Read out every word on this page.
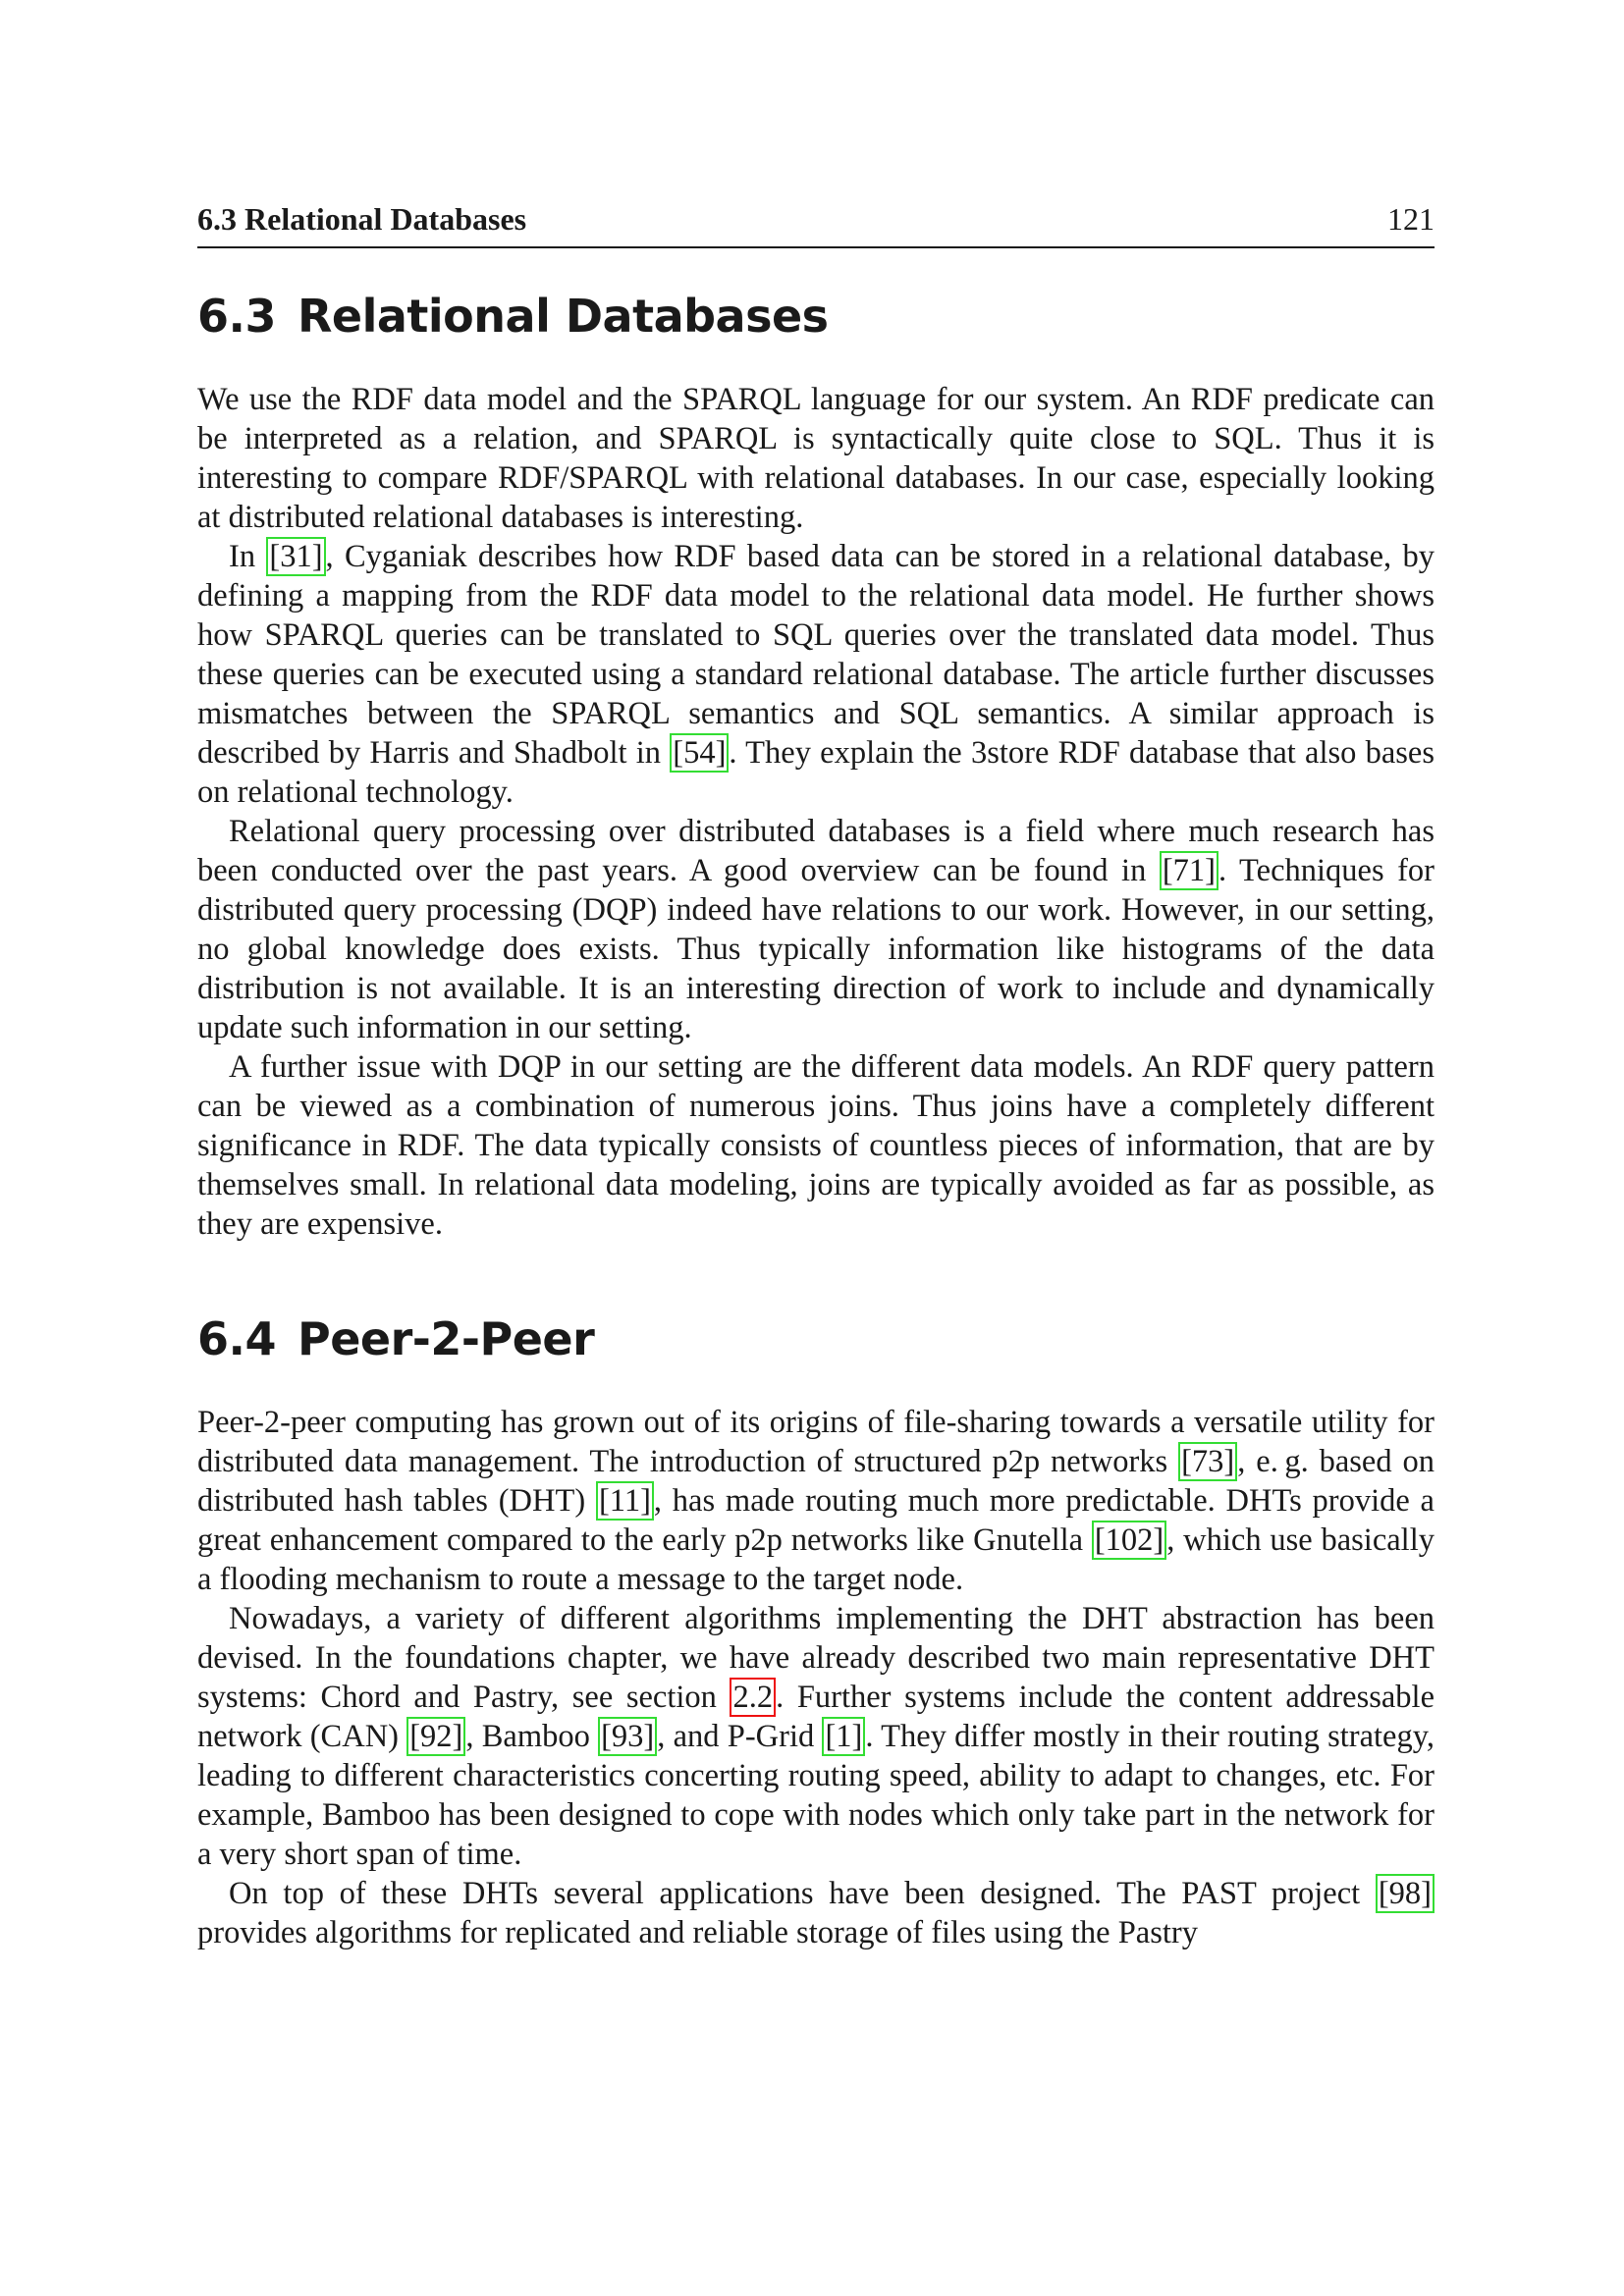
6.3 Relational Databases	121
6.3 Relational Databases

We use the RDF data model and the SPARQL language for our system. An RDF predicate can be interpreted as a relation, and SPARQL is syntactically quite close to SQL. Thus it is interesting to compare RDF/SPARQL with relational databases. In our case, especially looking at distributed relational databases is interesting.

In [31], Cyganiak describes how RDF based data can be stored in a relational database, by defining a mapping from the RDF data model to the relational data model. He further shows how SPARQL queries can be translated to SQL queries over the translated data model. Thus these queries can be executed using a standard relational database. The article further discusses mismatches between the SPARQL semantics and SQL semantics. A similar approach is described by Harris and Shadbolt in [54]. They explain the 3store RDF database that also bases on relational technology.

Relational query processing over distributed databases is a field where much research has been conducted over the past years. A good overview can be found in [71]. Techniques for distributed query processing (DQP) indeed have relations to our work. However, in our setting, no global knowledge does exists. Thus typically information like histograms of the data distribution is not available. It is an interesting direction of work to include and dynamically update such information in our setting.

A further issue with DQP in our setting are the different data models. An RDF query pattern can be viewed as a combination of numerous joins. Thus joins have a completely different significance in RDF. The data typically consists of countless pieces of information, that are by themselves small. In relational data modeling, joins are typically avoided as far as possible, as they are expensive.

6.4 Peer-2-Peer

Peer-2-peer computing has grown out of its origins of file-sharing towards a versatile utility for distributed data management. The introduction of structured p2p networks [73], e. g. based on distributed hash tables (DHT) [11], has made routing much more predictable. DHTs provide a great enhancement compared to the early p2p networks like Gnutella [102], which use basically a flooding mechanism to route a message to the target node.

Nowadays, a variety of different algorithms implementing the DHT abstraction has been devised. In the foundations chapter, we have already described two main representative DHT systems: Chord and Pastry, see section 2.2. Further systems include the content addressable network (CAN) [92], Bamboo [93], and P-Grid [1]. They differ mostly in their routing strategy, leading to different characteristics concerting routing speed, ability to adapt to changes, etc. For example, Bamboo has been designed to cope with nodes which only take part in the network for a very short span of time.

On top of these DHTs several applications have been designed. The PAST project [98] provides algorithms for replicated and reliable storage of files using the Pastry
